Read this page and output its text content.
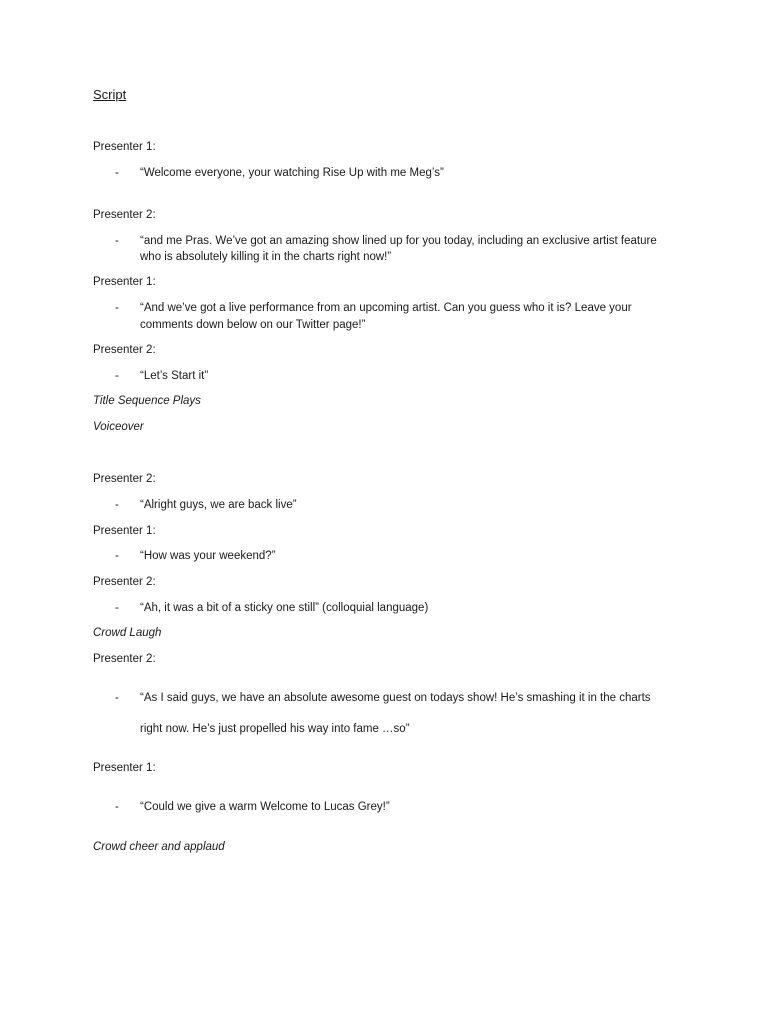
Script
Presenter 1:
- “Welcome everyone, your watching Rise Up with me Meg’s”
Presenter 2:
- “and me Pras. We’ve got an amazing show lined up for you today, including an exclusive artist feature
who is absolutely killing it in the charts right now!”
Presenter 1:
- “And we’ve got a live performance from an upcoming artist. Can you guess who it is? Leave your
comments down below on our Twitter page!”
Presenter 2:
- “Let’s Start it”
Title Sequence Plays
Voiceover
Presenter 2:
- “Alright guys, we are back live”
Presenter 1:
- “How was your weekend?”
Presenter 2:
- “Ah, it was a bit of a sticky one still” (colloquial language)
Crowd Laugh
Presenter 2:
- “As I said guys, we have an absolute awesome guest on todays show! He’s smashing it in the charts
right now. He’s just propelled his way into fame …so”
Presenter 1:
- “Could we give a warm Welcome to Lucas Grey!”
Crowd cheer and applaud
